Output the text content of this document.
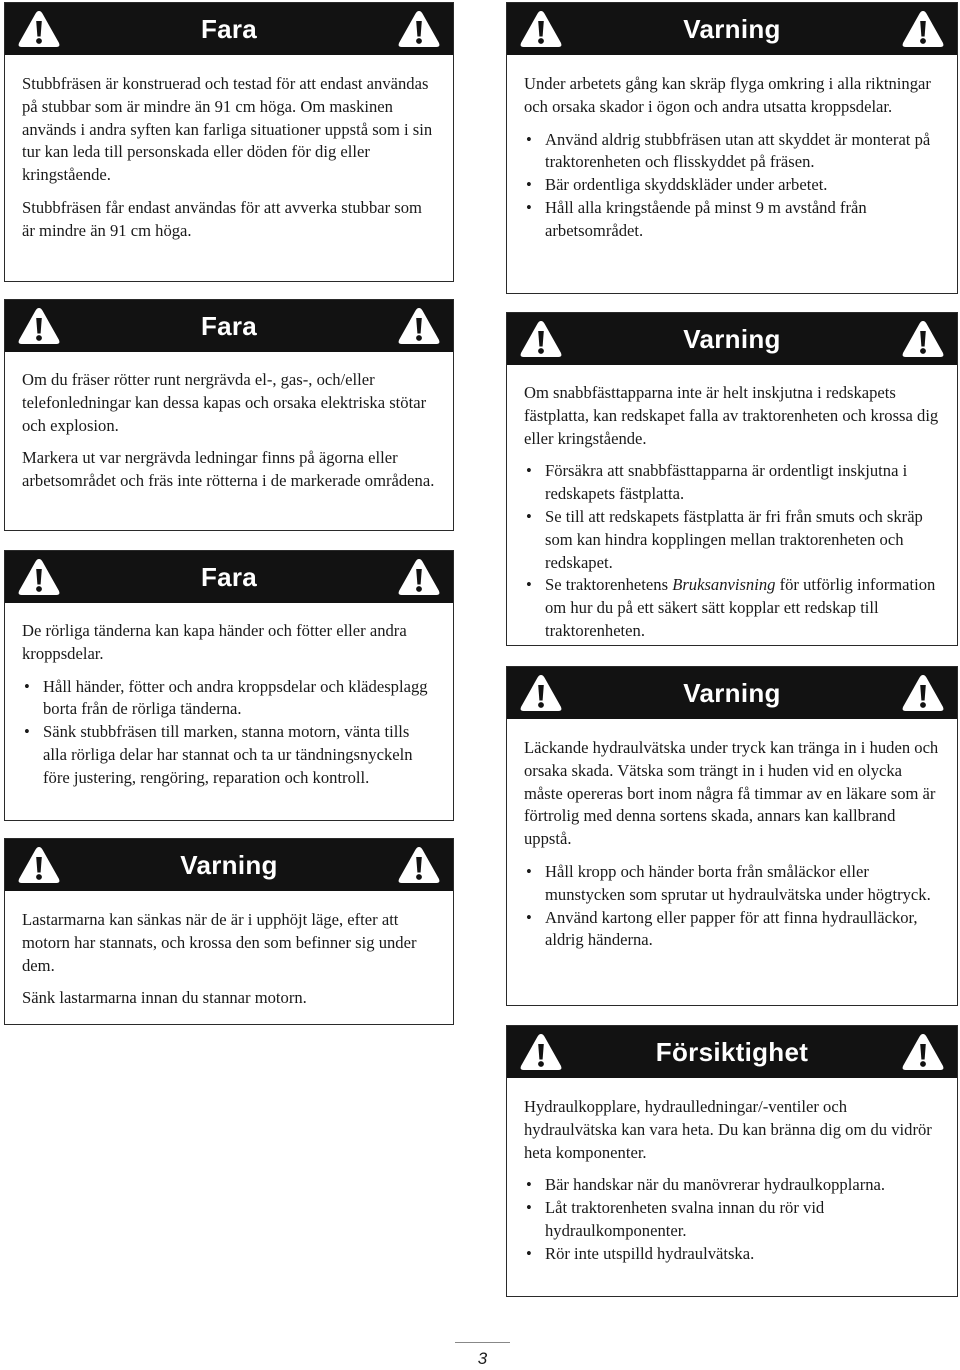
Fara

Stubbfräsen är konstruerad och testad för att endast användas på stubbar som är mindre än 91 cm höga. Om maskinen används i andra syften kan farliga situationer uppstå som i sin tur kan leda till personskada eller döden för dig eller kringstående.

Stubbfräsen får endast användas för att avverka stubbar som är mindre än 91 cm höga.

Fara

Om du fräser rötter runt nergrävda el-, gas-, och/eller telefonledningar kan dessa kapas och orsaka elektriska stötar och explosion.

Markera ut var nergrävda ledningar finns på ägorna eller arbetsområdet och fräs inte rötterna i de markerade områdena.

Fara

De rörliga tänderna kan kapa händer och fötter eller andra kroppsdelar.

• Håll händer, fötter och andra kroppsdelar och klädesplagg borta från de rörliga tänderna.
• Sänk stubbfräsen till marken, stanna motorn, vänta tills alla rörliga delar har stannat och ta ur tändningsnyckeln före justering, rengöring, reparation och kontroll.
Varning

Lastarmarna kan sänkas när de är i upphöjt läge, efter att motorn har stannats, och krossa den som befinner sig under dem.

Sänk lastarmarna innan du stannar motorn.

Varning

Under arbetets gång kan skräp flyga omkring i alla riktningar och orsaka skador i ögon och andra utsatta kroppsdelar.

• Använd aldrig stubbfräsen utan att skyddet är monterat på traktorenheten och flisskyddet på fräsen.
• Bär ordentliga skyddskläder under arbetet.
• Håll alla kringstående på minst 9 m avstånd från arbetsområdet.
Varning

Om snabbfästtapparna inte är helt inskjutna i redskapets fästplatta, kan redskapet falla av traktorenheten och krossa dig eller kringstående.

• Försäkra att snabbfästtapparna är ordentligt inskjutna i redskapets fästplatta.
• Se till att redskapets fästplatta är fri från smuts och skräp som kan hindra kopplingen mellan traktorenheten och redskapet.
• Se traktorenhetens Bruksanvisning för utförlig information om hur du på ett säkert sätt kopplar ett redskap till traktorenheten.
Varning

Läckande hydraulvätska under tryck kan tränga in i huden och orsaka skada. Vätska som trängt in i huden vid en olycka måste opereras bort inom några få timmar av en läkare som är förtrolig med denna sortens skada, annars kan kallbrand uppstå.

• Håll kropp och händer borta från småläckor eller munstycken som sprutar ut hydraulvätska under högtryck.
• Använd kartong eller papper för att finna hydraulläckor, aldrig händerna.
Försiktighet

Hydraulkopplare, hydraulledningar/-ventiler och hydraulvätska kan vara heta. Du kan bränna dig om du vidrör heta komponenter.

• Bär handskar när du manövrerar hydraulkopplarna.
• Låt traktorenheten svalna innan du rör vid hydraulkomponenter.
• Rör inte utspilld hydraulvätska.
3
